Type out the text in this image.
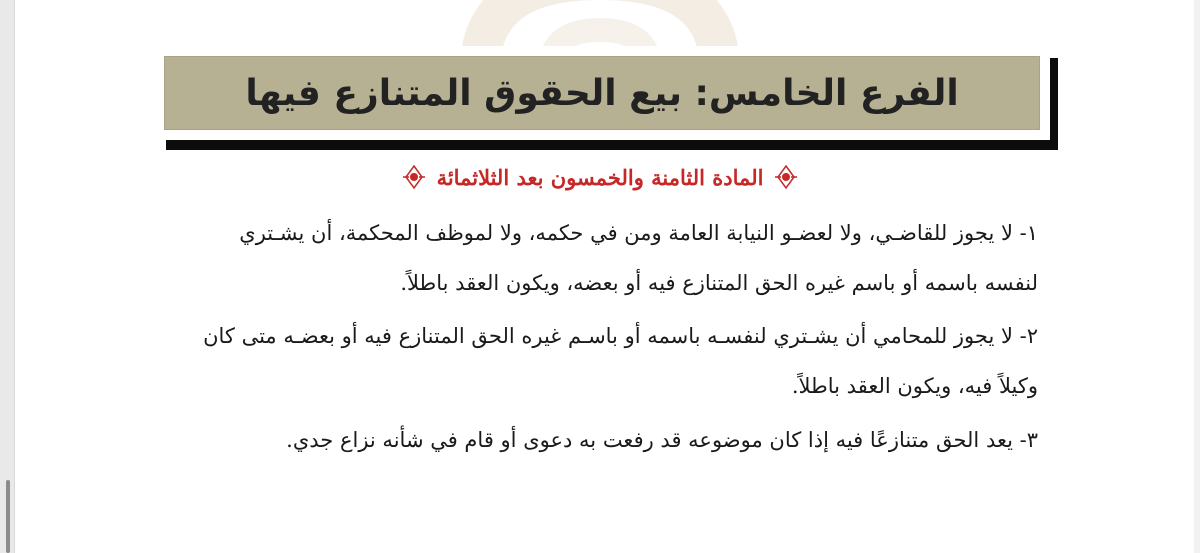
الفرع الخامس: بيع الحقوق المتنازع فيها
المادة الثامنة والخمسون بعد الثلاثمائة
١- لا يجوز للقاضـي، ولا لعضـو النيابة العامة ومن في حكمه، ولا لموظف المحكمة، أن يشـتري
لنفسه باسمه أو باسم غيره الحق المتنازع فيه أو بعضه، ويكون العقد باطلاً.
٢- لا يجوز للمحامي أن يشـتري لنفسـه باسمه أو باسـم غيره الحق المتنازع فيه أو بعضـه متى كان
وكيلاً فيه، ويكون العقد باطلاً.
٣- يعد الحق متنازعًا فيه إذا كان موضوعه قد رفعت به دعوى أو قام في شأنه نزاع جدي.
